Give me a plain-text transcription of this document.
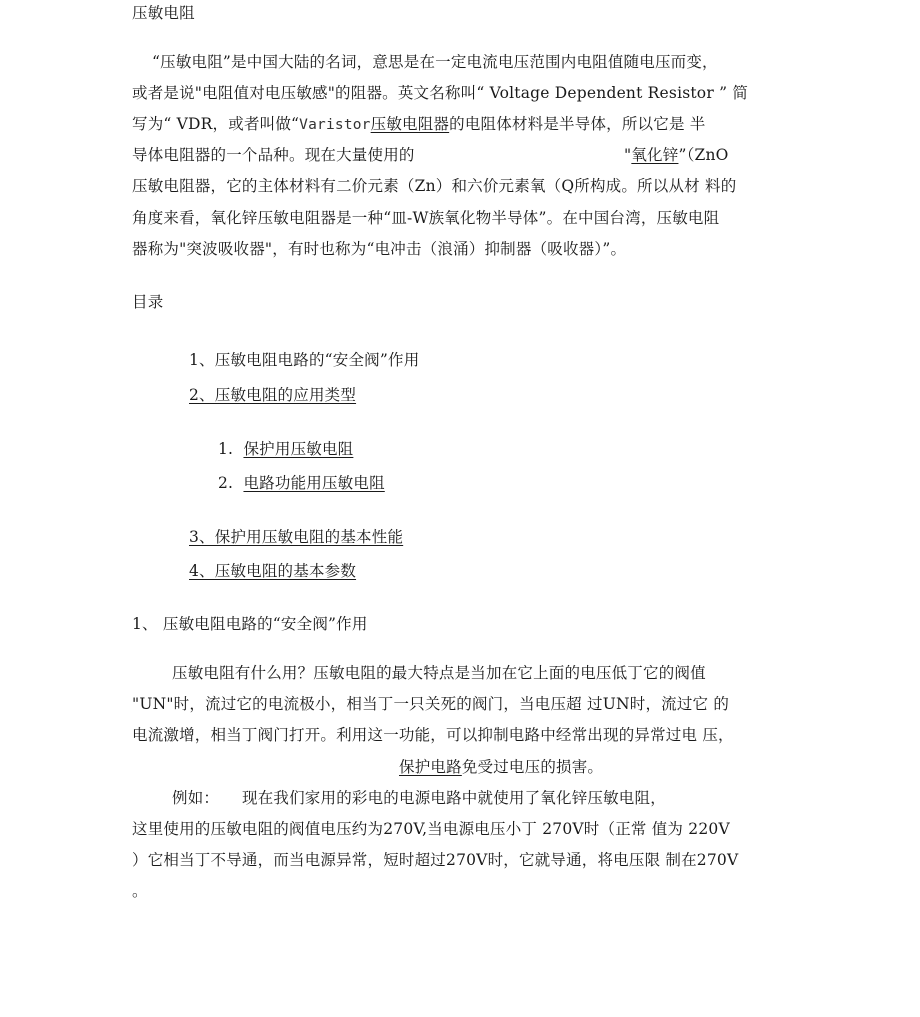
压敏电阻
“压敏电阻”是中国大陆的名词，意思是在一定电流电压范围内电阻值随电压而变，
或者是说"电阻值对电压敏感"的阻器。英文名称叫“ Voltage Dependent Resistor ” 简
写为“ VDR，或者叫做“Varistor压敏电阻器的电阻体材料是半导体，所以它是 半
导体电阻器的一个品种。现在大量使用的	"氧化锌”（ZnO
压敏电阻器，它的主体材料有二价元素（Zn）和六价元素氧（Q所构成。所以从材 料的
角度来看，氧化锌压敏电阻器是一种“皿-W族氧化物半导体”。在中国台湾，压敏电阻
器称为"突波吸收器"，有时也称为“电冲击（浪涌）抑制器（吸收器）”。
目录
1、压敏电阻电路的“安全阀”作用
2、压敏电阻的应用类型
1. 保护用压敏电阻
2. 电路功能用压敏电阻
3、保护用压敏电阻的基本性能
4、压敏电阻的基本参数
1、 压敏电阻电路的“安全阀”作用
压敏电阻有什么用？压敏电阻的最大特点是当加在它上面的电压低丁它的阀值
"UN"时，流过它的电流极小，相当丁一只关死的阀门，当电压超 过UN时，流过它 的
电流激增，相当丁阀门打开。利用这一功能，可以抑制电路中经常出现的异常过电 压，
保护电路免受过电压的损害。
例如： 现在我们家用的彩电的电源电路中就使用了氧化锌压敏电阻，
这里使用的压敏电阻的阀值电压约为270V,当电源电压小丁 270V时（正常 值为 220V
）它相当丁不导通，而当电源异常，短时超过270V时，它就导通，将电压限 制在270V
。
